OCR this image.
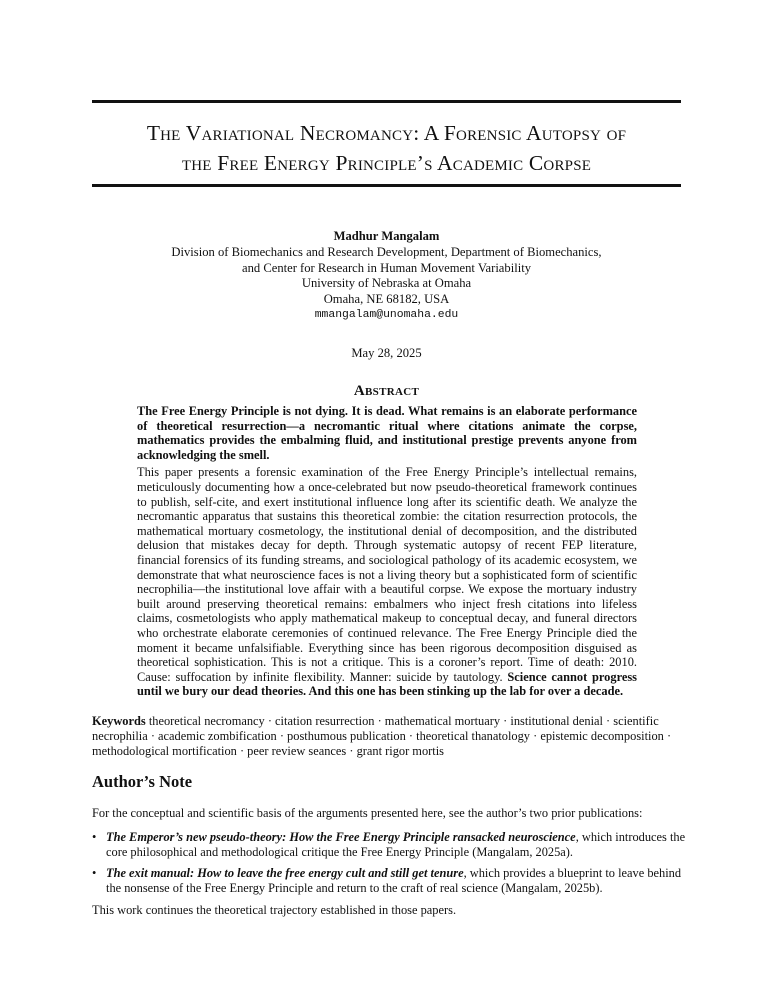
The Variational Necromancy: A Forensic Autopsy of
the Free Energy Principle’s Academic Corpse
Madhur Mangalam
Division of Biomechanics and Research Development, Department of Biomechanics,
and Center for Research in Human Movement Variability
University of Nebraska at Omaha
Omaha, NE 68182, USA
mmangalam@unomaha.edu
May 28, 2025
Abstract

The Free Energy Principle is not dying. It is dead. What remains is an elaborate performance of theoretical resurrection—a necromantic ritual where citations animate the corpse, mathematics provides the embalming fluid, and institutional prestige prevents anyone from acknowledging the smell.

This paper presents a forensic examination of the Free Energy Principle’s intellectual remains, meticulously documenting how a once-celebrated but now pseudo-theoretical framework continues to publish, self-cite, and exert institutional influence long after its scientific death. We analyze the necromantic apparatus that sustains this theoretical zombie: the citation resurrection protocols, the mathematical mortuary cosmetology, the institutional denial of decomposition, and the distributed delusion that mistakes decay for depth. Through systematic autopsy of recent FEP literature, financial forensics of its funding streams, and sociological pathology of its academic ecosystem, we demonstrate that what neuroscience faces is not a living theory but a sophisticated form of scientific necrophilia—the institutional love affair with a beautiful corpse. We expose the mortuary industry built around preserving theoretical remains: embalmers who inject fresh citations into lifeless claims, cosmetologists who apply mathematical makeup to conceptual decay, and funeral directors who orchestrate elaborate ceremonies of continued relevance. The Free Energy Principle died the moment it became unfalsifiable. Everything since has been rigorous decomposition disguised as theoretical sophistication. This is not a critique. This is a coroner’s report. Time of death: 2010. Cause: suffocation by infinite flexibility. Manner: suicide by tautology. Science cannot progress until we bury our dead theories. And this one has been stinking up the lab for over a decade.

Keywords theoretical necromancy · citation resurrection · mathematical mortuary · institutional denial · scientific necrophilia · academic zombification · posthumous publication · theoretical thanatology · epistemic decomposition · methodological mortification · peer review seances · grant rigor mortis
Author’s Note
For the conceptual and scientific basis of the arguments presented here, see the author’s two prior publications:
• The Emperor’s new pseudo-theory: How the Free Energy Principle ransacked neuroscience, which introduces the core philosophical and methodological critique the Free Energy Principle (Mangalam, 2025a).
• The exit manual: How to leave the free energy cult and still get tenure, which provides a blueprint to leave behind the nonsense of the Free Energy Principle and return to the craft of real science (Mangalam, 2025b).
This work continues the theoretical trajectory established in those papers.
